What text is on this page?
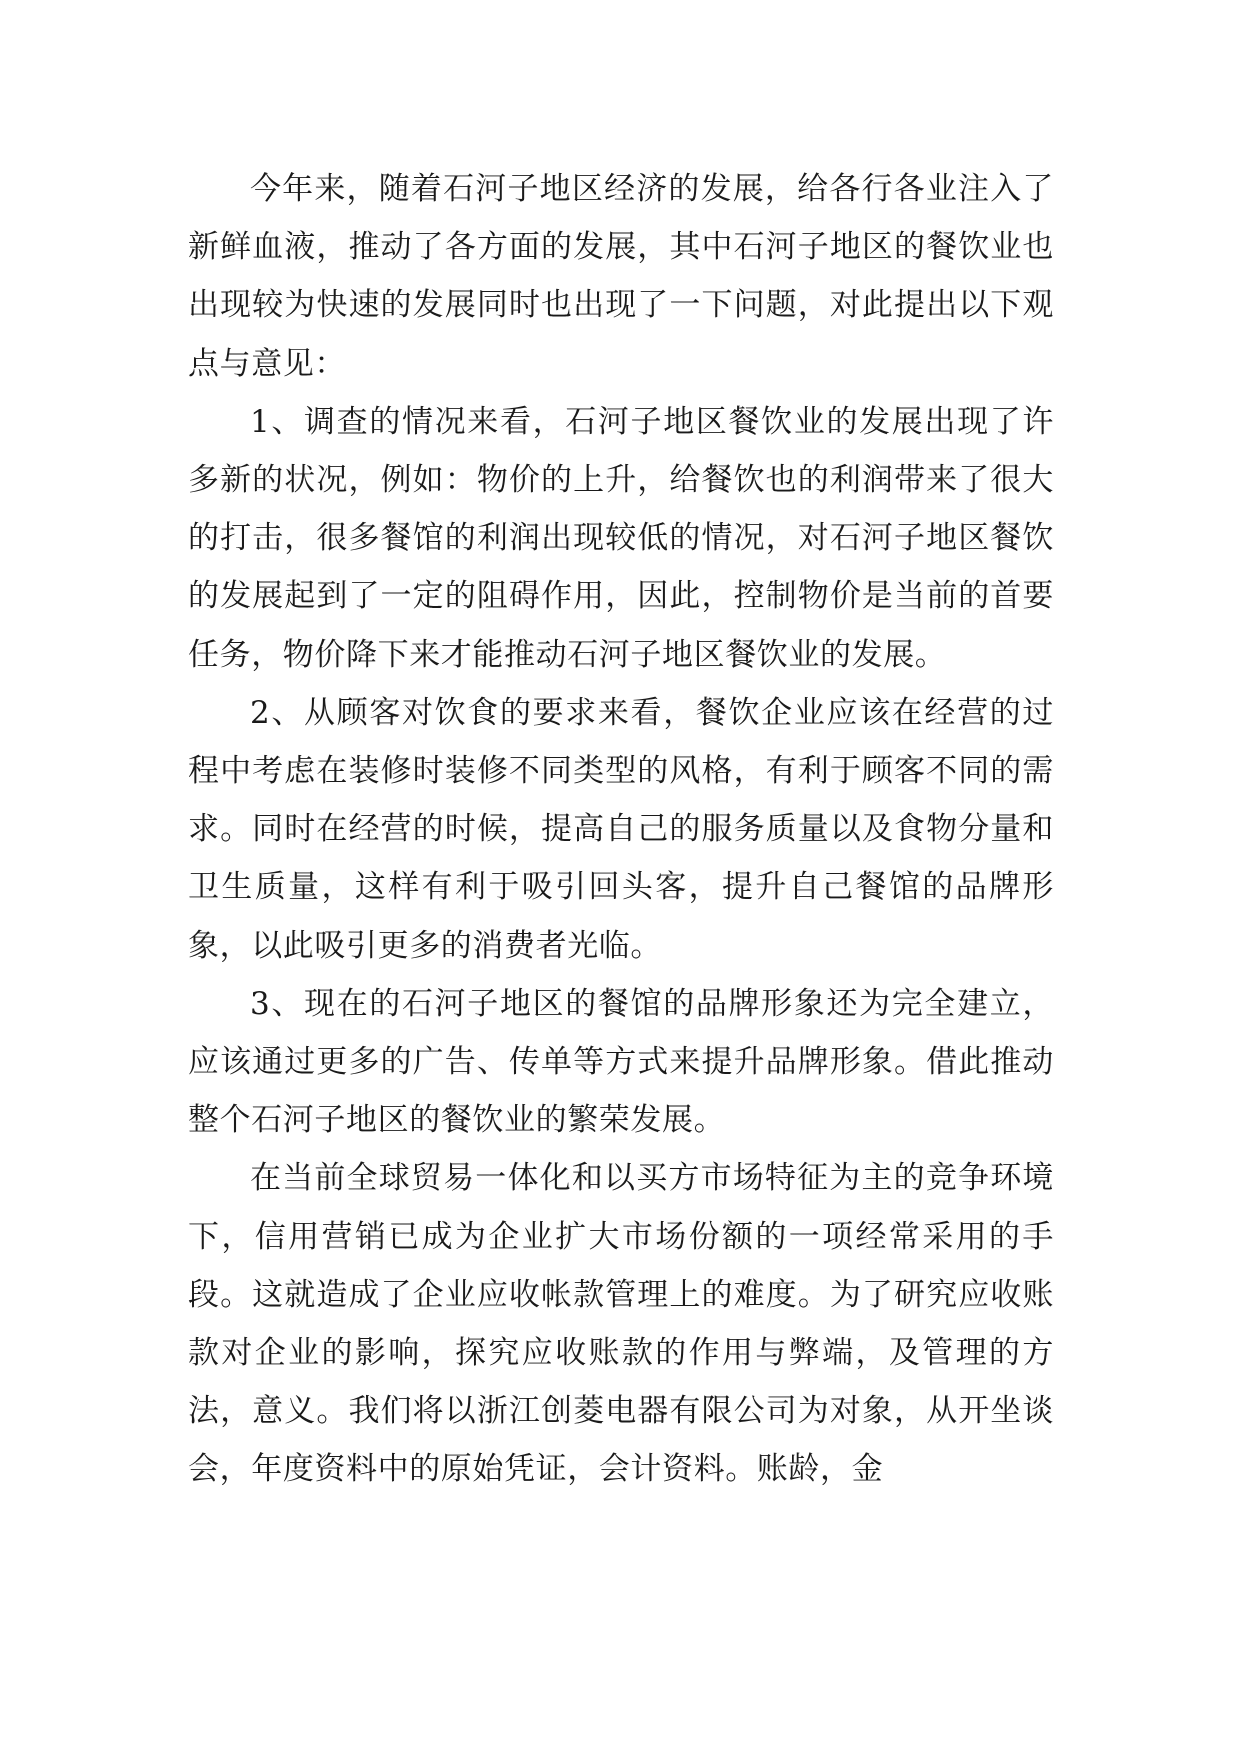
今年来，随着石河子地区经济的发展，给各行各业注入了新鲜血液，推动了各方面的发展，其中石河子地区的餐饮业也出现较为快速的发展同时也出现了一下问题，对此提出以下观点与意见：

1、调查的情况来看，石河子地区餐饮业的发展出现了许多新的状况，例如：物价的上升，给餐饮也的利润带来了很大的打击，很多餐馆的利润出现较低的情况，对石河子地区餐饮的发展起到了一定的阻碍作用，因此，控制物价是当前的首要任务，物价降下来才能推动石河子地区餐饮业的发展。

2、从顾客对饮食的要求来看，餐饮企业应该在经营的过程中考虑在装修时装修不同类型的风格，有利于顾客不同的需求。同时在经营的时候，提高自己的服务质量以及食物分量和卫生质量，这样有利于吸引回头客，提升自己餐馆的品牌形象，以此吸引更多的消费者光临。

3、现在的石河子地区的餐馆的品牌形象还为完全建立，应该通过更多的广告、传单等方式来提升品牌形象。借此推动整个石河子地区的餐饮业的繁荣发展。

在当前全球贸易一体化和以买方市场特征为主的竞争环境下，信用营销已成为企业扩大市场份额的一项经常采用的手段。这就造成了企业应收帐款管理上的难度。为了研究应收账款对企业的影响，探究应收账款的作用与弊端，及管理的方法，意义。我们将以浙江创菱电器有限公司为对象，从开坐谈会，年度资料中的原始凭证，会计资料。账龄，金
